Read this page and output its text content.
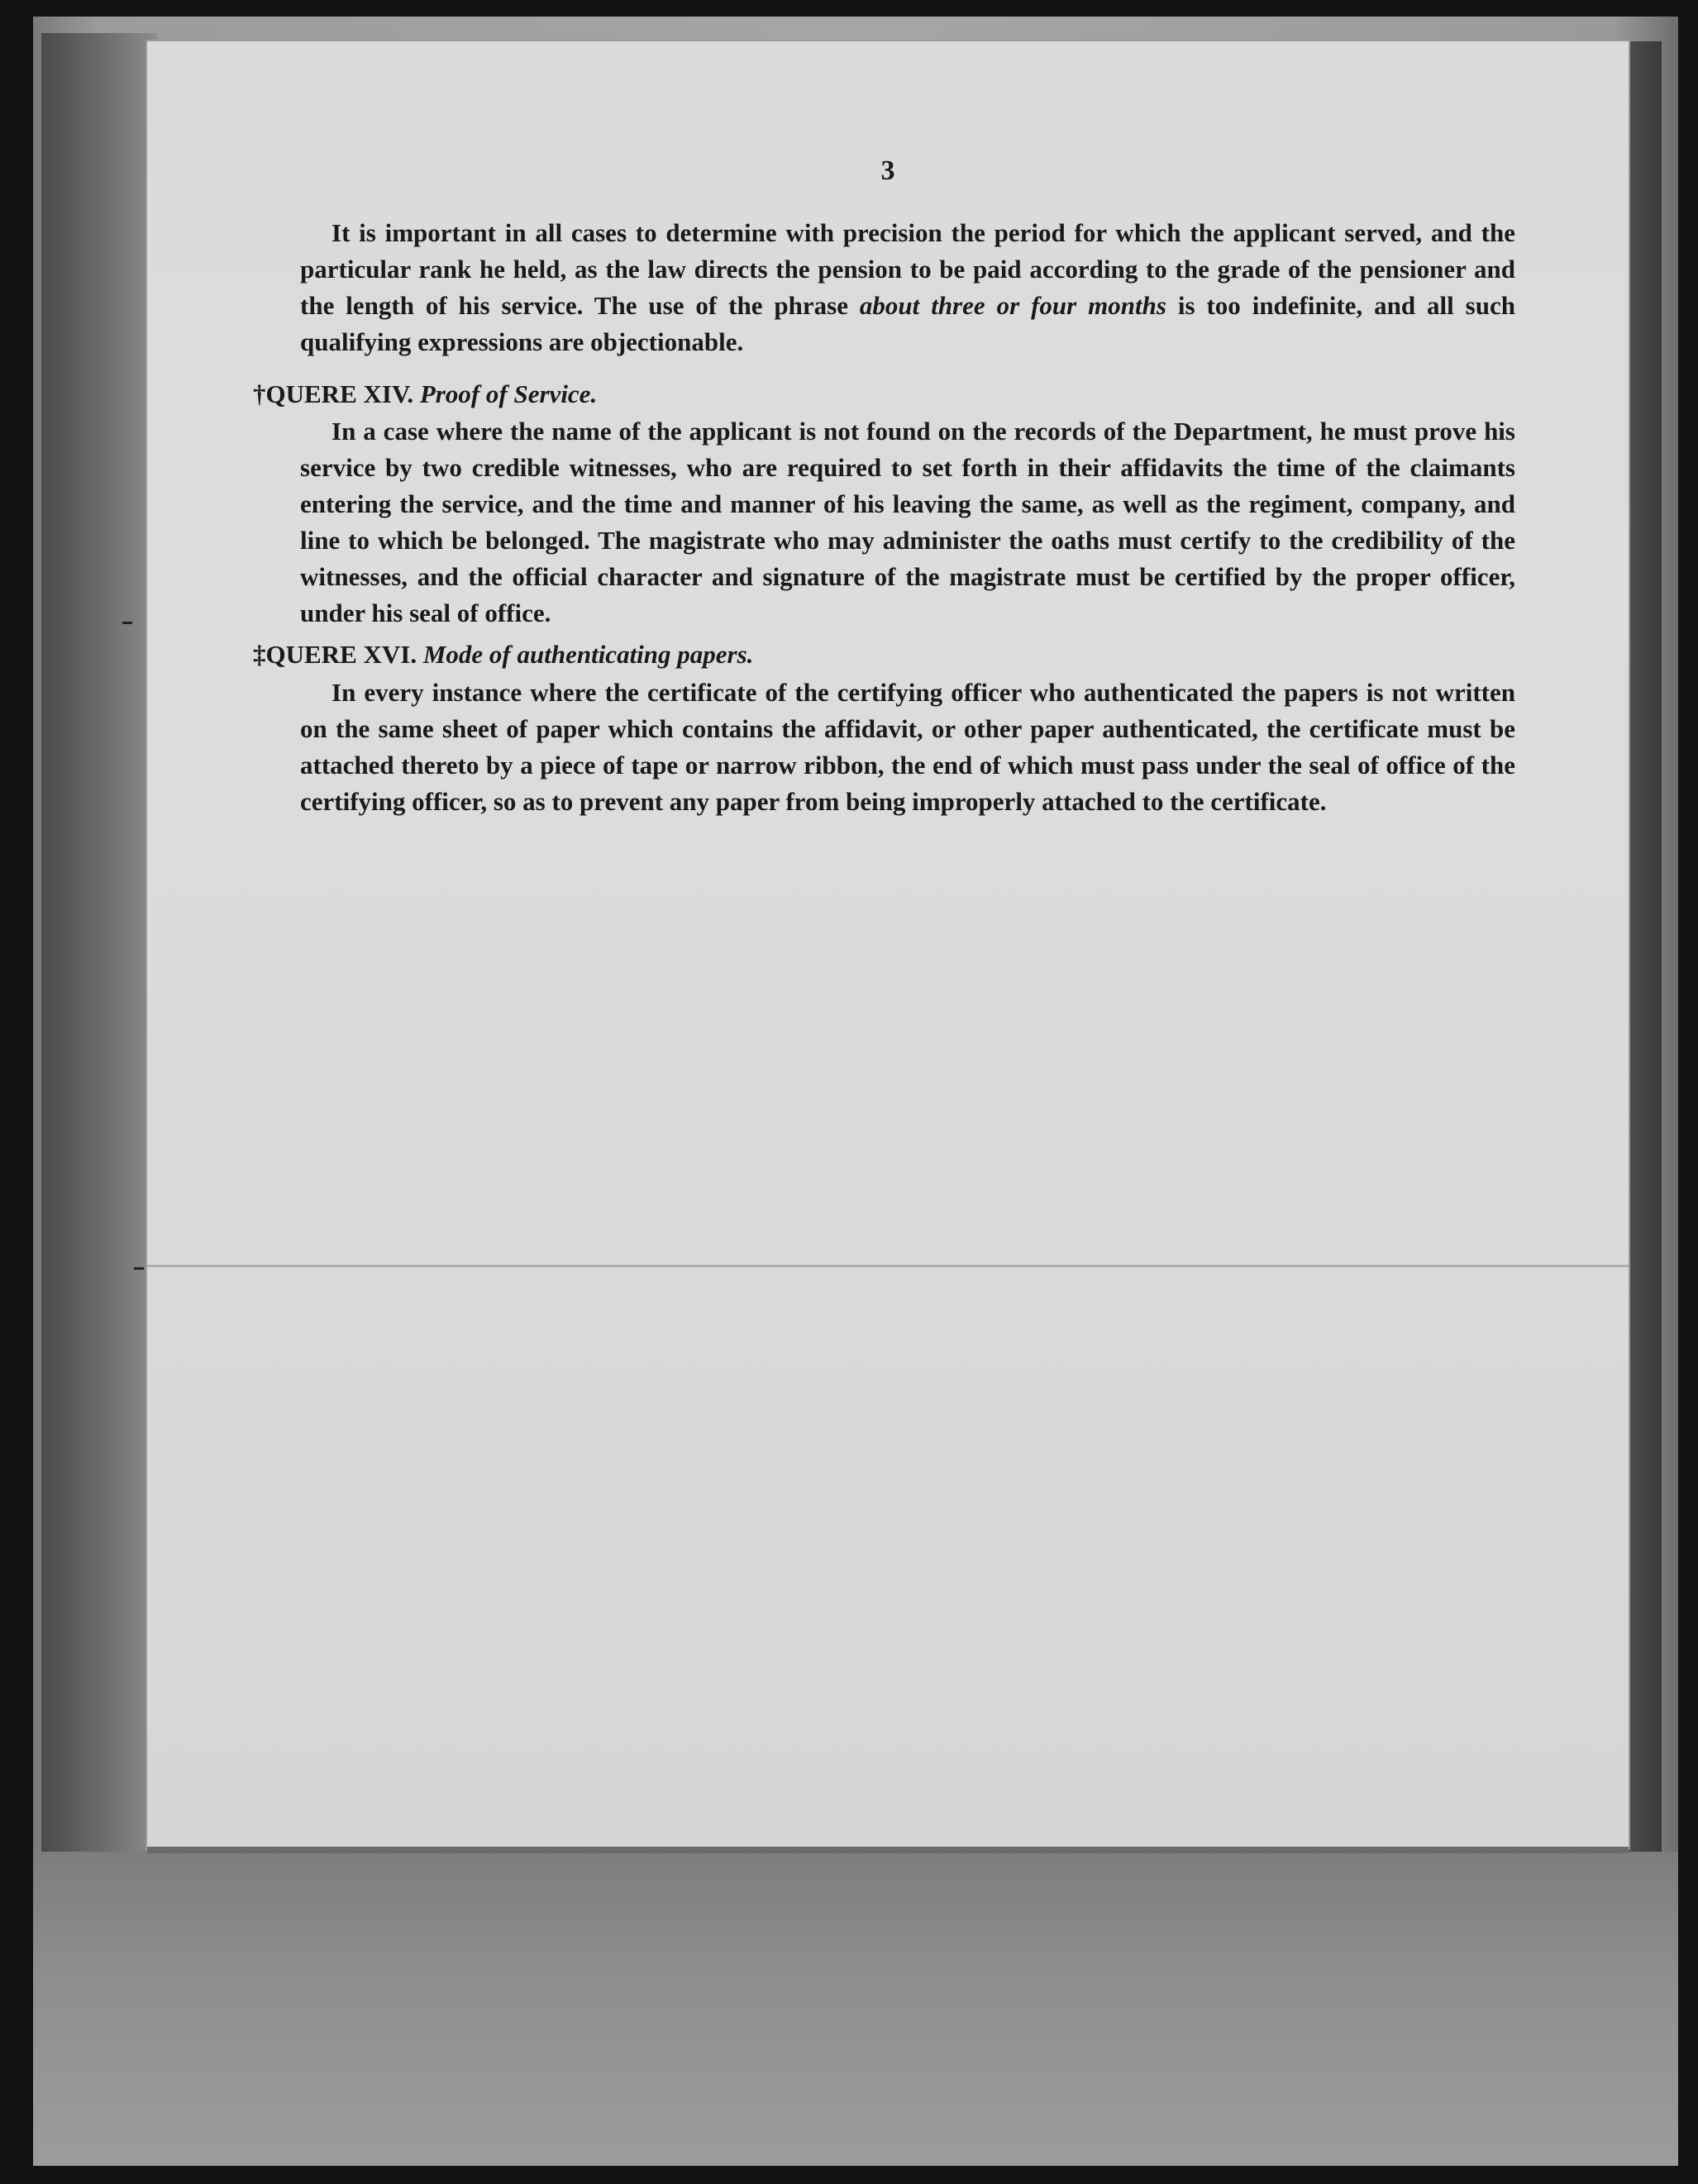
3
It is important in all cases to determine with precision the period for which the applicant served, and the particular rank he held, as the law directs the pension to be paid according to the grade of the pensioner and the length of his service. The use of the phrase about three or four months is too indefinite, and all such qualifying expressions are objectionable.
†QUERE XIV. Proof of Service.
In a case where the name of the applicant is not found on the records of the Department, he must prove his service by two credible witnesses, who are required to set forth in their affidavits the time of the claimants entering the service, and the time and manner of his leaving the same, as well as the regiment, company, and line to which be belonged. The magistrate who may administer the oaths must certify to the credibility of the witnesses, and the official character and signature of the magistrate must be certified by the proper officer, under his seal of office.
‡QUERE XVI. Mode of authenticating papers.
In every instance where the certificate of the certifying officer who authenticated the papers is not written on the same sheet of paper which contains the affidavit, or other paper authenticated, the certificate must be attached thereto by a piece of tape or narrow ribbon, the end of which must pass under the seal of office of the certifying officer, so as to prevent any paper from being improperly attached to the certificate.
